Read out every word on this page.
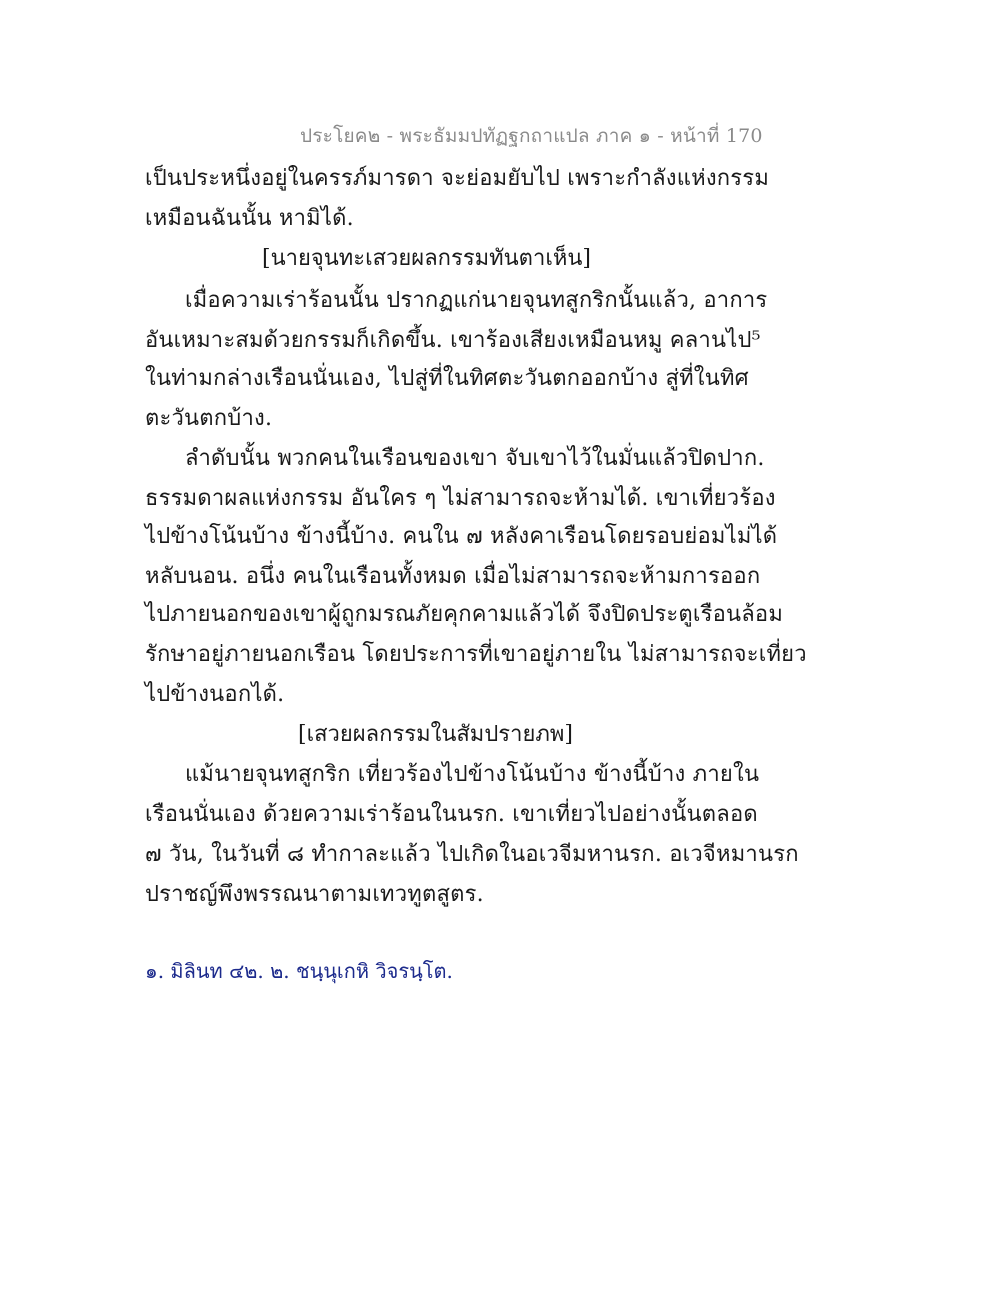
ประโยค๒ - พระธัมมปทัฏฐกถาแปล ภาค ๑ - หน้าที่ 170
เป็นประหนึ่งอยู่ในครรภ์มารดา จะย่อมยับไป เพราะกำลังแห่งกรรม
เหมือนฉันนั้น หามิได้.
[นายจุนทะเสวยผลกรรมทันตาเห็น]
เมื่อความเร่าร้อนนั้น ปรากฏแก่นายจุนทสูกริกนั้นแล้ว, อาการ
อันเหมาะสมด้วยกรรมก็เกิดขึ้น. เขาร้องเสียงเหมือนหมู คลานไป⁵
ในท่ามกล่างเรือนนั่นเอง, ไปสู่ที่ในทิศตะวันตกออกบ้าง สู่ที่ในทิศ
ตะวันตกบ้าง.
ลำดับนั้น พวกคนในเรือนของเขา จับเขาไว้ในมั่นแล้วปิดปาก.
ธรรมดาผลแห่งกรรม อันใคร ๆ ไม่สามารถจะห้ามได้. เขาเที่ยวร้อง
ไปข้างโน้นบ้าง ข้างนี้บ้าง. คนใน ๗ หลังคาเรือนโดยรอบย่อมไม่ได้
หลับนอน. อนึ่ง คนในเรือนทั้งหมด เมื่อไม่สามารถจะห้ามการออก
ไปภายนอกของเขาผู้ถูกมรณภัยคุกคามแล้วได้ จึงปิดประตูเรือนล้อม
รักษาอยู่ภายนอกเรือน โดยประการที่เขาอยู่ภายใน ไม่สามารถจะเที่ยว
ไปข้างนอกได้.
[เสวยผลกรรมในสัมปรายภพ]
แม้นายจุนทสูกริก เที่ยวร้องไปข้างโน้นบ้าง ข้างนี้บ้าง ภายใน
เรือนนั่นเอง ด้วยความเร่าร้อนในนรก. เขาเที่ยวไปอย่างนั้นตลอด
๗ วัน, ในวันที่ ๘ ทำกาละแล้ว ไปเกิดในอเวจีมหานรก. อเวจีหมานรก
ปราชญ์พึงพรรณนาตามเทวทูตสูตร.
๑. มิลินท ๔๒. ๒. ชนฺนุเกหิ วิจรนฺโต.
